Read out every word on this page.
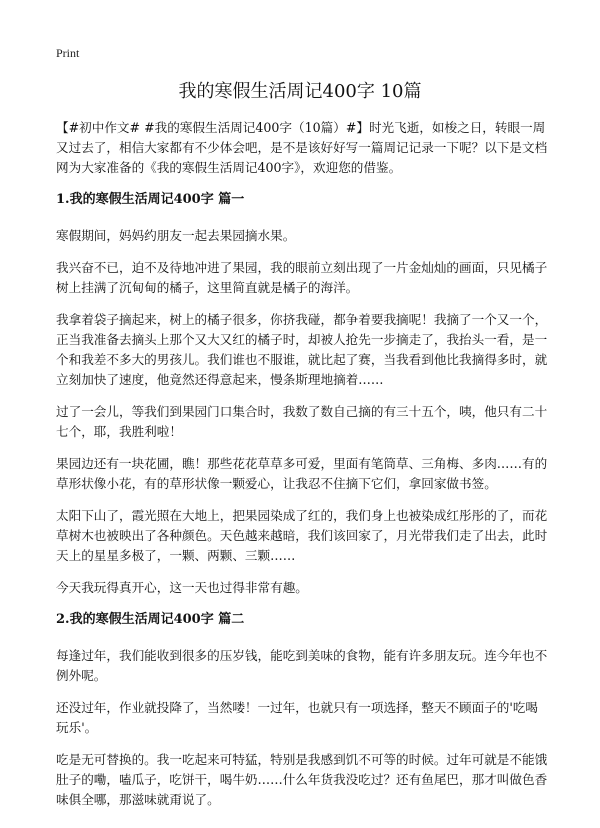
Print
我的寒假生活周记400字 10篇

【#初中作文# #我的寒假生活周记400字（10篇）#】时光飞逝，如梭之日，转眼一周又过去了，相信大家都有不少体会吧，是不是该好好写一篇周记记录一下呢？以下是文档网为大家准备的《我的寒假生活周记400字》，欢迎您的借鉴。

1.我的寒假生活周记400字 篇一

寒假期间，妈妈约朋友一起去果园摘水果。

我兴奋不已，迫不及待地冲进了果园，我的眼前立刻出现了一片金灿灿的画面，只见橘子树上挂满了沉甸甸的橘子，这里简直就是橘子的海洋。

我拿着袋子摘起来，树上的橘子很多，你挤我碰，都争着要我摘呢！我摘了一个又一个，正当我准备去摘头上那个又大又红的橘子时，却被人抢先一步摘走了，我抬头一看，是一个和我差不多大的男孩儿。我们谁也不服谁，就比起了赛，当我看到他比我摘得多时，就立刻加快了速度，他竟然还得意起来，慢条斯理地摘着……

过了一会儿，等我们到果园门口集合时，我数了数自己摘的有三十五个，咦，他只有二十七个，耶，我胜利啦！

果园边还有一块花圃，瞧！那些花花草草多可爱，里面有笔筒草、三角梅、多肉……有的草形状像小花，有的草形状像一颗爱心，让我忍不住摘下它们，拿回家做书签。

太阳下山了，霞光照在大地上，把果园染成了红的，我们身上也被染成红彤彤的了，而花草树木也被映出了各种颜色。天色越来越暗，我们该回家了，月光带我们走了出去，此时天上的星星多极了，一颗、两颗、三颗……

今天我玩得真开心，这一天也过得非常有趣。

2.我的寒假生活周记400字 篇二

每逢过年，我们能收到很多的压岁钱，能吃到美味的食物，能有许多朋友玩。连今年也不例外呢。

还没过年，作业就投降了，当然喽！一过年，也就只有一项选择，整天不顾面子的'吃喝玩乐'。

吃是无可替换的。我一吃起来可特猛，特别是我感到饥不可等的时候。过年可就是不能饿肚子的嘞，嗑瓜子，吃饼干，喝牛奶……什么年货我没吃过？还有鱼尾巴，那才叫做色香味俱全哪，那滋味就甭说了。
